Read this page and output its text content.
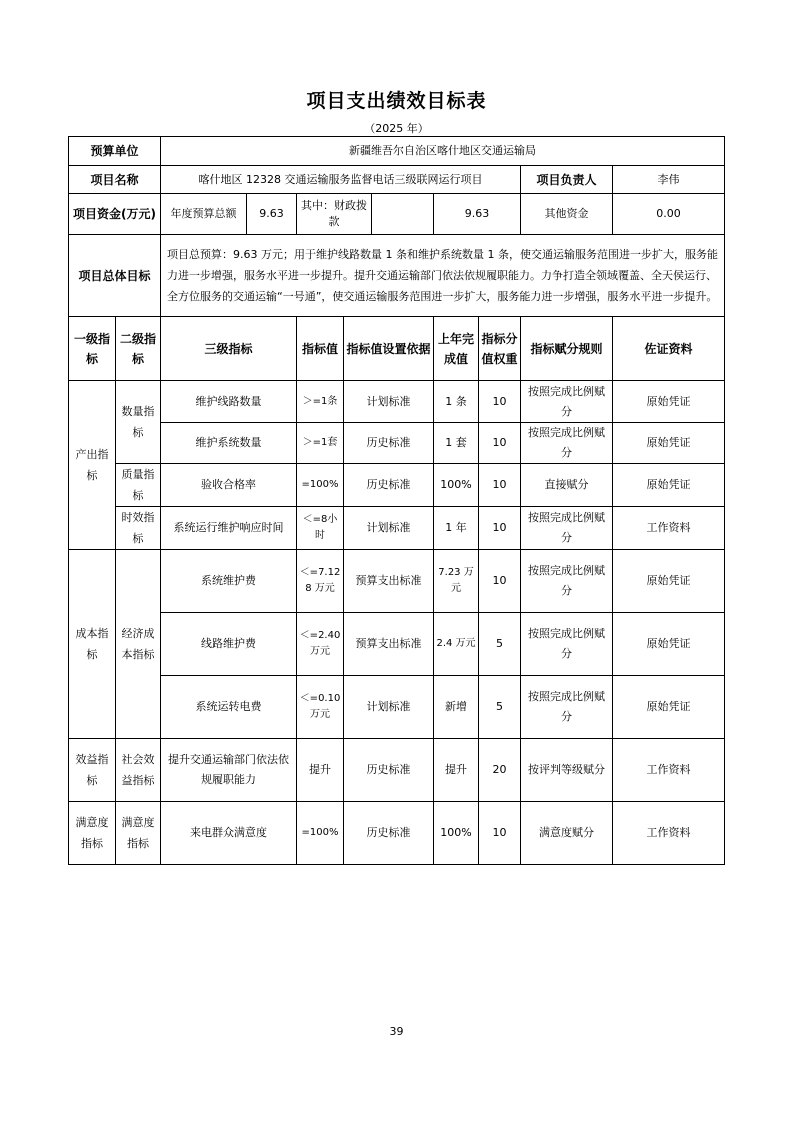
项目支出绩效目标表
（2025 年）
预算单位		新疆维吾尔自治区喀什地区交通运输局						
项目名称		喀什地区 12328 交通运输服务监督电话三级联网运行项目					项目负责人	李伟
项目资金(万元)		年度预算总额 9.63	其中：财政拨款		9.63		其他资金	0.00
项目总体目标		项目总预算：9.63 万元；用于维护线路数量 1 条和维护系统数量 1 条，使交通运输服务范围进一步扩大，服务能力进一步增强，服务水平进一步提升。提升交通运输部门依法依规履职能力。力争打造全领域覆盖、全天侯运行、全方位服务的交通运输“一号通”，使交通运输服务范围进一步扩大，服务能力进一步增强，服务水平进一步提升。						
一级指标	二级指标	三级指标	指标值	指标值设置依据	上年完成值	指标分值权重	指标赋分规则	佐证资料
产出指标	数量指标	维护线路数量	＞=1条	计划标准	1 条	10	按照完成比例赋分	原始凭证
		维护系统数量	＞=1套	历史标准	1 套	10	按照完成比例赋分	原始凭证
	质量指标	验收合格率	=100%	历史标准	100%	10	直接赋分	原始凭证
	时效指标	系统运行维护响应时间	＜=8小时	计划标准	1 年	10	按照完成比例赋分	工作资料
成本指标	经济成本指标	系统维护费	＜=7.128 万元	预算支出标准	7.23 万元	10	按照完成比例赋分	原始凭证
		线路维护费	＜=2.40 万元	预算支出标准	2.4 万元	5	按照完成比例赋分	原始凭证
		系统运转电费	＜=0.10 万元	计划标准	新增	5	按照完成比例赋分	原始凭证
效益指标	社会效益指标	提升交通运输部门依法依规履职能力	提升	历史标准	提升	20	按评判等级赋分	工作资料
满意度指标	满意度指标	来电群众满意度	=100%	历史标准	100%	10	满意度赋分	工作资料
39
